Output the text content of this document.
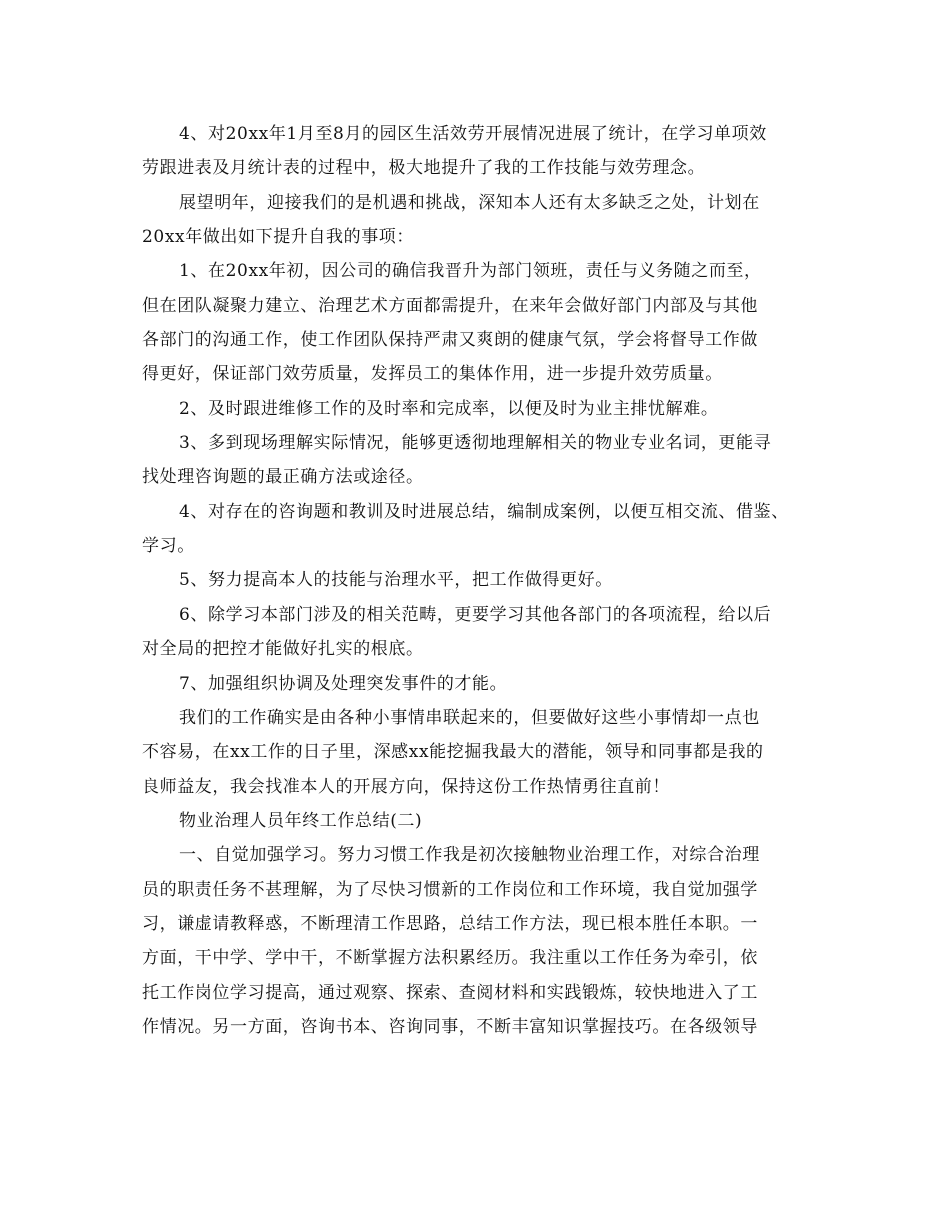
4、对20xx年1月至8月的园区生活效劳开展情况进展了统计，在学习单项效
劳跟进表及月统计表的过程中，极大地提升了我的工作技能与效劳理念。
展望明年，迎接我们的是机遇和挑战，深知本人还有太多缺乏之处，计划在
20xx年做出如下提升自我的事项：
1、在20xx年初，因公司的确信我晋升为部门领班，责任与义务随之而至，
但在团队凝聚力建立、治理艺术方面都需提升，在来年会做好部门内部及与其他
各部门的沟通工作，使工作团队保持严肃又爽朗的健康气氛，学会将督导工作做
得更好，保证部门效劳质量，发挥员工的集体作用，进一步提升效劳质量。
2、及时跟进维修工作的及时率和完成率，以便及时为业主排忧解难。
3、多到现场理解实际情况，能够更透彻地理解相关的物业专业名词，更能寻
找处理咨询题的最正确方法或途径。
4、对存在的咨询题和教训及时进展总结，编制成案例，以便互相交流、借鉴、
学习。
5、努力提高本人的技能与治理水平，把工作做得更好。
6、除学习本部门涉及的相关范畴，更要学习其他各部门的各项流程，给以后
对全局的把控才能做好扎实的根底。
7、加强组织协调及处理突发事件的才能。
我们的工作确实是由各种小事情串联起来的，但要做好这些小事情却一点也
不容易，在xx工作的日子里，深感xx能挖掘我最大的潜能，领导和同事都是我的
良师益友，我会找准本人的开展方向，保持这份工作热情勇往直前！
物业治理人员年终工作总结(二)
一、自觉加强学习。努力习惯工作我是初次接触物业治理工作，对综合治理
员的职责任务不甚理解，为了尽快习惯新的工作岗位和工作环境，我自觉加强学
习，谦虚请教释惑，不断理清工作思路，总结工作方法，现已根本胜任本职。一
方面，干中学、学中干，不断掌握方法积累经历。我注重以工作任务为牵引，依
托工作岗位学习提高，通过观察、探索、查阅材料和实践锻炼，较快地进入了工
作情况。另一方面，咨询书本、咨询同事，不断丰富知识掌握技巧。在各级领导
